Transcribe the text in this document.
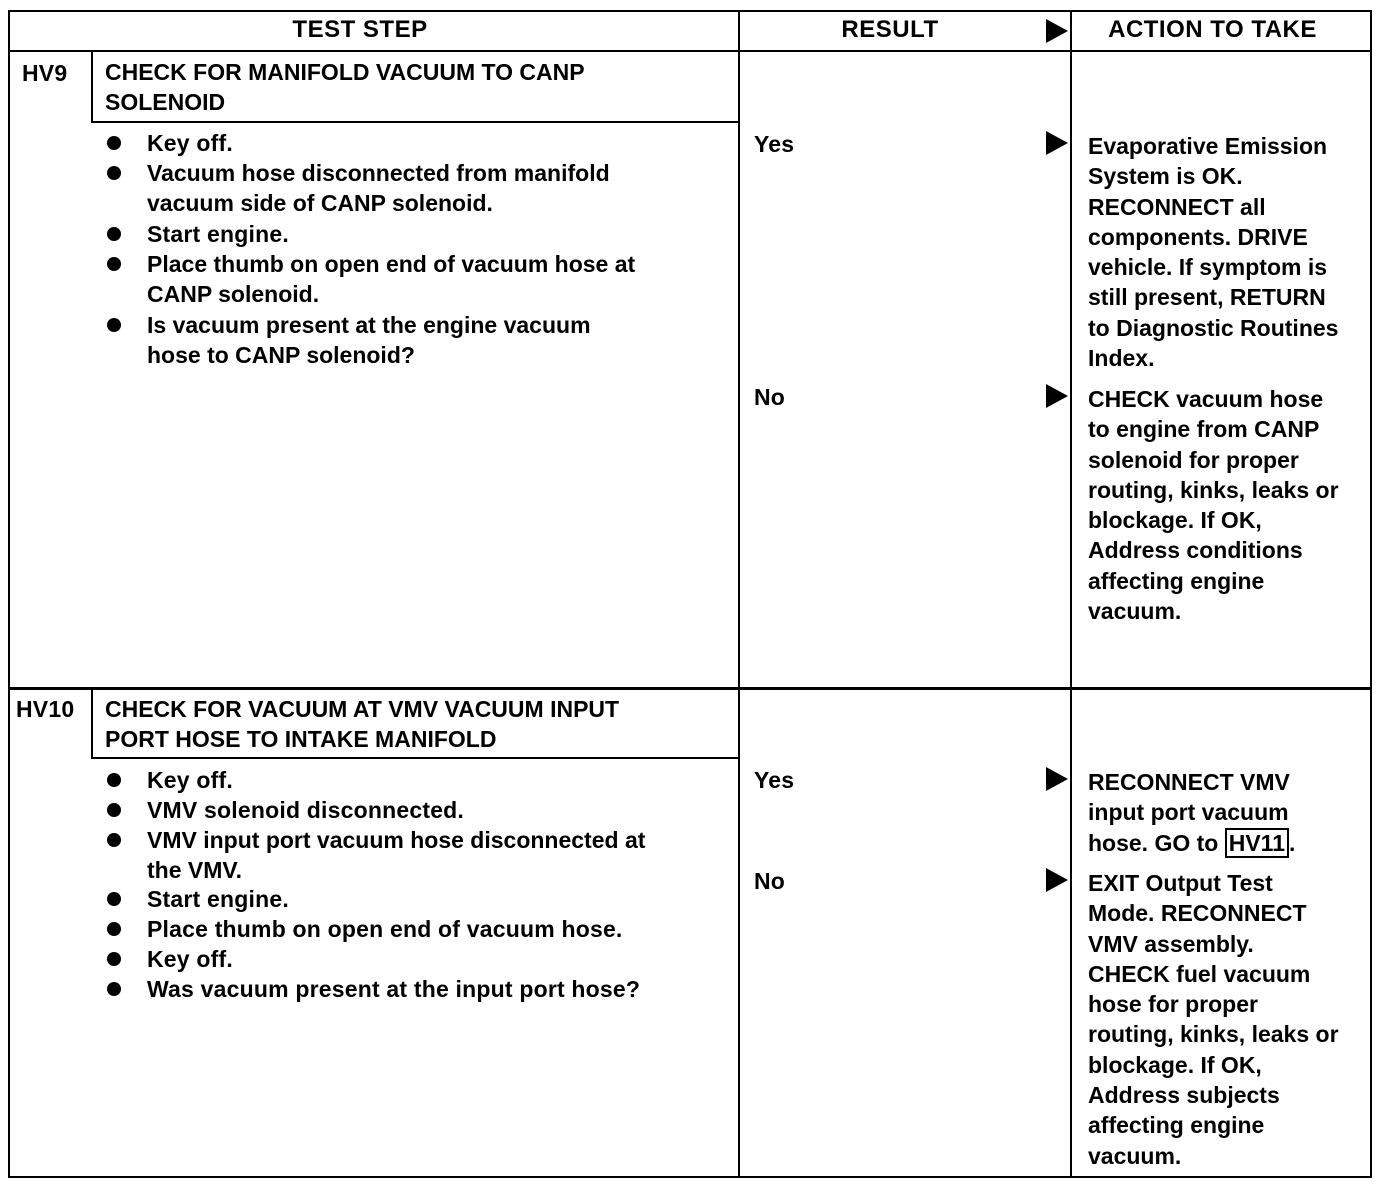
TEST STEP	RESULT	ACTION TO TAKE
HV9 CHECK FOR MANIFOLD VACUUM TO CANP
SOLENOID
Key off.
Vacuum hose disconnected from manifold
vacuum side of CANP solenoid.
Start engine.
Place thumb on open end of vacuum hose at
CANP solenoid.
Is vacuum present at the engine vacuum
hose to CANP solenoid?
Yes	Evaporative Emission
System is OK.
RECONNECT all
components. DRIVE
vehicle. If symptom is
still present, RETURN
to Diagnostic Routines
Index.
No	CHECK vacuum hose
to engine from CANP
solenoid for proper
routing, kinks, leaks or
blockage. If OK,
Address conditions
affecting engine
vacuum.
HV10 CHECK FOR VACUUM AT VMV VACUUM INPUT
PORT HOSE TO INTAKE MANIFOLD
Key off.
VMV solenoid disconnected.
VMV input port vacuum hose disconnected at
the VMV.
Start engine.
Place thumb on open end of vacuum hose.
Key off.
Was vacuum present at the input port hose?
Yes	RECONNECT VMV
input port vacuum
hose. GO to HV11 .
No	EXIT Output Test
Mode. RECONNECT
VMV assembly.
CHECK fuel vacuum
hose for proper
routing, kinks, leaks or
blockage. If OK,
Address subjects
affecting engine
vacuum.
